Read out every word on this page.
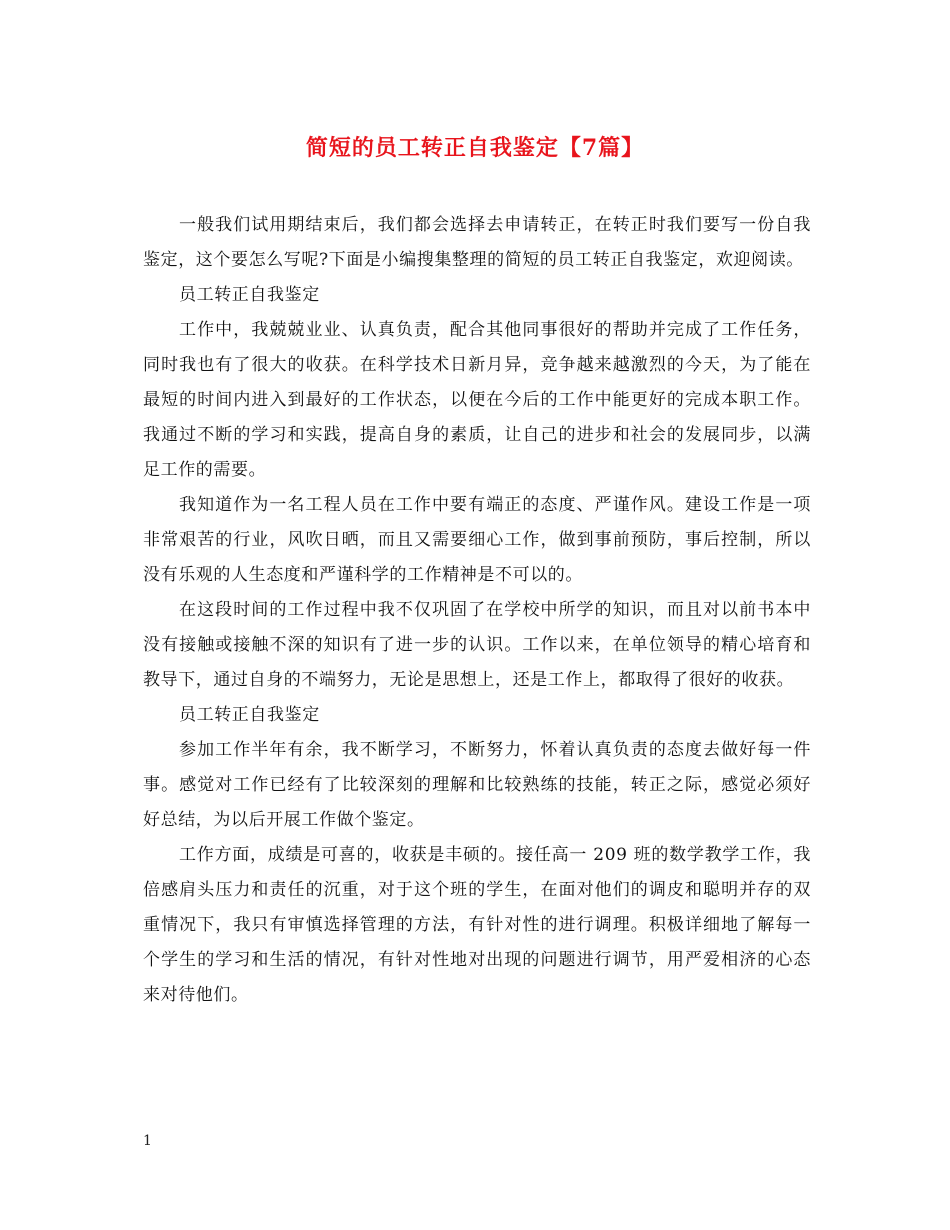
简短的员工转正自我鉴定【7篇】

一般我们试用期结束后，我们都会选择去申请转正，在转正时我们要写一份自我鉴定，这个要怎么写呢?下面是小编搜集整理的简短的员工转正自我鉴定，欢迎阅读。

员工转正自我鉴定

工作中，我兢兢业业、认真负责，配合其他同事很好的帮助并完成了工作任务，同时我也有了很大的收获。在科学技术日新月异，竞争越来越激烈的今天，为了能在最短的时间内进入到最好的工作状态，以便在今后的工作中能更好的完成本职工作。我通过不断的学习和实践，提高自身的素质，让自己的进步和社会的发展同步，以满足工作的需要。

我知道作为一名工程人员在工作中要有端正的态度、严谨作风。建设工作是一项非常艰苦的行业，风吹日晒，而且又需要细心工作，做到事前预防，事后控制，所以没有乐观的人生态度和严谨科学的工作精神是不可以的。

在这段时间的工作过程中我不仅巩固了在学校中所学的知识，而且对以前书本中没有接触或接触不深的知识有了进一步的认识。工作以来，在单位领导的精心培育和教导下，通过自身的不端努力，无论是思想上，还是工作上，都取得了很好的收获。

员工转正自我鉴定

参加工作半年有余，我不断学习，不断努力，怀着认真负责的态度去做好每一件事。感觉对工作已经有了比较深刻的理解和比较熟练的技能，转正之际，感觉必须好好总结，为以后开展工作做个鉴定。

工作方面，成绩是可喜的，收获是丰硕的。接任高一 209 班的数学教学工作，我倍感肩头压力和责任的沉重，对于这个班的学生，在面对他们的调皮和聪明并存的双重情况下，我只有审慎选择管理的方法，有针对性的进行调理。积极详细地了解每一个学生的学习和生活的情况，有针对性地对出现的问题进行调节，用严爱相济的心态来对待他们。

1
